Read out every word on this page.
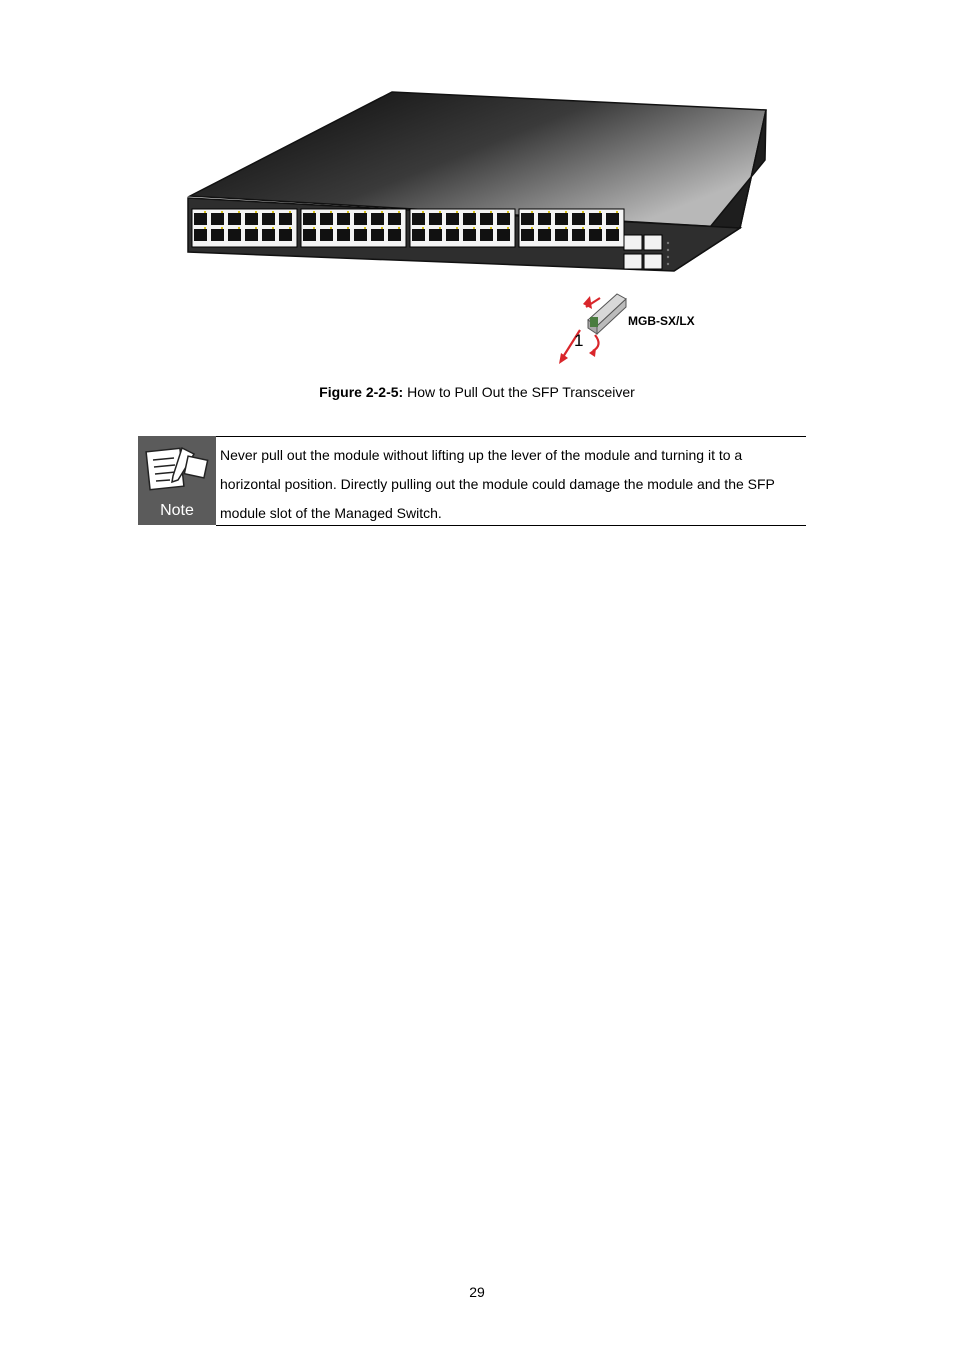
1
MGB-SX/LX
Figure 2-2-5: How to Pull Out the SFP Transceiver
Note
Never pull out the module without lifting up the lever of the module and turning it to a horizontal position. Directly pulling out the module could damage the module and the SFP module slot of the Managed Switch.
29
